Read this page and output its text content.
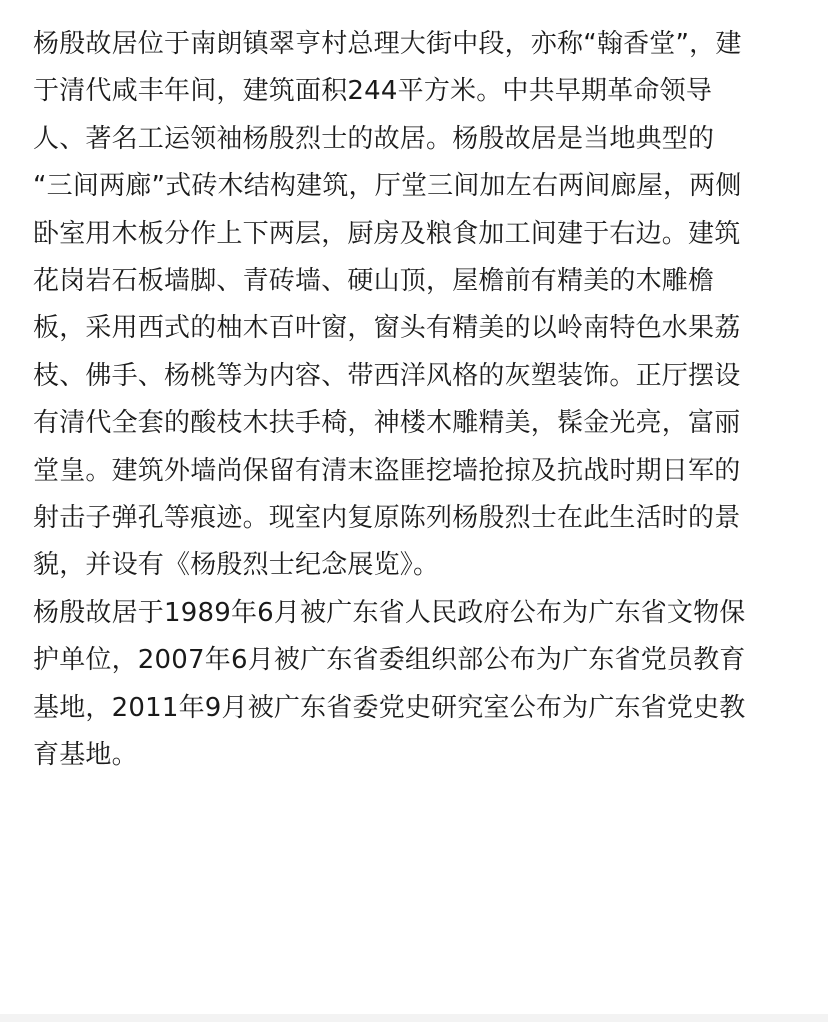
杨殷故居位于南朗镇翠亨村总理大街中段，亦称“翰香堂”，建
于清代咸丰年间，建筑面积244平方米。中共早期革命领导
人、著名工运领袖杨殷烈士的故居。杨殷故居是当地典型的
“三间两廊”式砖木结构建筑，厅堂三间加左右两间廊屋，两侧
卧室用木板分作上下两层，厨房及粮食加工间建于右边。建筑
花岗岩石板墙脚、青砖墙、硬山顶，屋檐前有精美的木雕檐
板，采用西式的柚木百叶窗，窗头有精美的以岭南特色水果荔
枝、佛手、杨桃等为内容、带西洋风格的灰塑装饰。正厅摆设
有清代全套的酸枝木扶手椅，神楼木雕精美，髹金光亮，富丽
堂皇。建筑外墙尚保留有清末盗匪挖墙抢掠及抗战时期日军的
射击子弹孔等痕迹。现室内复原陈列杨殷烈士在此生活时的景
貌，并设有《杨殷烈士纪念展览》。

杨殷故居于1989年6月被广东省人民政府公布为广东省文物保
护单位，2007年6月被广东省委组织部公布为广东省党员教育
基地，2011年9月被广东省委党史研究室公布为广东省党史教
育基地。
